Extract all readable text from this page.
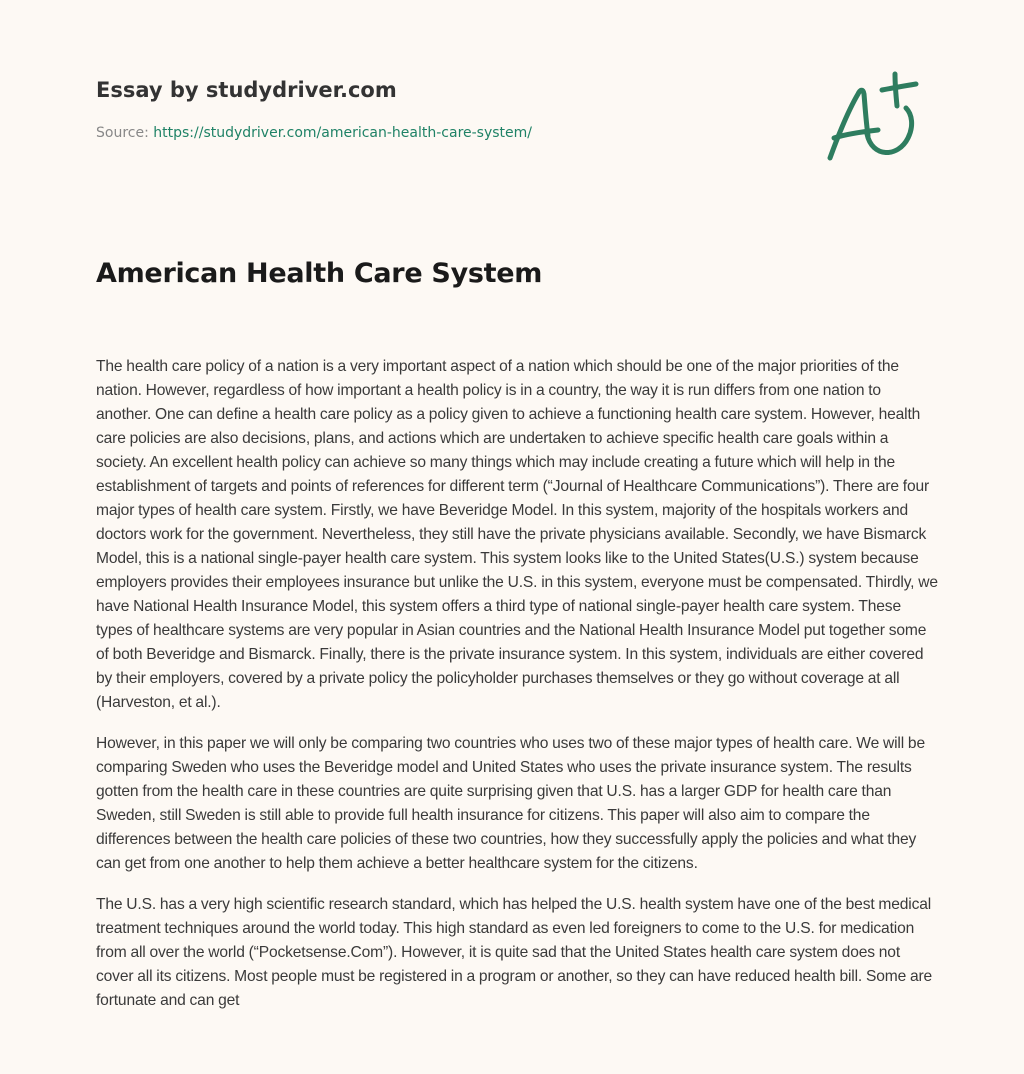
Essay by studydriver.com
Source: https://studydriver.com/american-health-care-system/
American Health Care System

The health care policy of a nation is a very important aspect of a nation which should be one of the major priorities of the nation. However, regardless of how important a health policy is in a country, the way it is run differs from one nation to another. One can define a health care policy as a policy given to achieve a functioning health care system. However, health care policies are also decisions, plans, and actions which are undertaken to achieve specific health care goals within a society. An excellent health policy can achieve so many things which may include creating a future which will help in the establishment of targets and points of references for different term (“Journal of Healthcare Communications”). There are four major types of health care system. Firstly, we have Beveridge Model. In this system, majority of the hospitals workers and doctors work for the government. Nevertheless, they still have the private physicians available. Secondly, we have Bismarck Model, this is a national single-payer health care system. This system looks like to the United States(U.S.) system because employers provides their employees insurance but unlike the U.S. in this system, everyone must be compensated. Thirdly, we have National Health Insurance Model, this system offers a third type of national single-payer health care system. These types of healthcare systems are very popular in Asian countries and the National Health Insurance Model put together some of both Beveridge and Bismarck. Finally, there is the private insurance system. In this system, individuals are either covered by their employers, covered by a private policy the policyholder purchases themselves or they go without coverage at all (Harveston, et al.).

However, in this paper we will only be comparing two countries who uses two of these major types of health care. We will be comparing Sweden who uses the Beveridge model and United States who uses the private insurance system. The results gotten from the health care in these countries are quite surprising given that U.S. has a larger GDP for health care than Sweden, still Sweden is still able to provide full health insurance for citizens. This paper will also aim to compare the differences between the health care policies of these two countries, how they successfully apply the policies and what they can get from one another to help them achieve a better healthcare system for the citizens.

The U.S. has a very high scientific research standard, which has helped the U.S. health system have one of the best medical treatment techniques around the world today. This high standard as even led foreigners to come to the U.S. for medication from all over the world (“Pocketsense.Com”). However, it is quite sad that the United States health care system does not cover all its citizens. Most people must be registered in a program or another, so they can have reduced health bill. Some are fortunate and can get
